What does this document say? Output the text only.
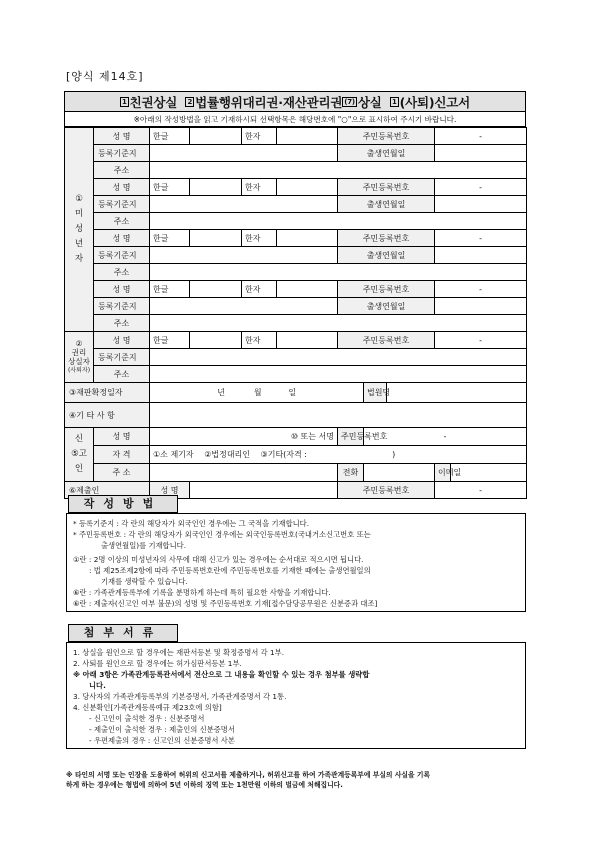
[양식 제14호]
1 친권상실
2 법률행위대리권·재산관리권 (7) 상실
1 (사퇴)신고서
※아래의 작성방법을 읽고 기재하시되 선택항목은 해당번호에 "○"으로 표시하여 주시기 바랍니다.
①
미
성
년
자	성 명	한글		한자		주민등록번호			-	
	등록기준지					출생연월일				
	주소									
	성 명	한글		한자		주민등록번호			-	
	등록기준지					출생연월일				
	주소									
	성 명	한글		한자		주민등록번호			-	
	등록기준지					출생연월일				
	주소									
	성 명	한글		한자		주민등록번호			-	
	등록기준지					출생연월일				
	주소									

②
권리
상실자
(사퇴자)	성 명	한글		한자		주민등록번호			-	
	등록기준지									
	주소									
③재판확정일자		년 월 일					법원명			
④기 타 사 항										

신
⑤고
인	성 명	⑩ 또는 서명				주민등록번호	-			
	자 격	①소 제기자 ②법정대리인 ③기타(자격 : )								
	주 소					전화			이메일	
⑥제출인		성 명				주민등록번호			-	
작성방법
* 등록기준지 : 각 란의 해당자가 외국인인 경우에는 그 국적을 기재합니다.
* 주민등록번호 : 각 란의 해당자가 외국인인 경우에는 외국인등록번호(국내거소신고번호 또는
출생연월일)를 기재합니다.
①란 : 2명 이상의 미성년자의 사무에 대해 신고가 있는 경우에는 순서대로 적으시면 됩니다.
: 법 제25조제2항에 따라 주민등록번호란에 주민등록번호를 기재한 때에는 출생연월일의
기재를 생략할 수 있습니다.
⑥란 : 가족관계등록부에 기록을 분명하게 하는데 특히 필요한 사항을 기재합니다.
⑥란 : 제출자(신고인 여부 불문)의 성명 및 주민등록번호 기재[접수담당공무원은 신분증과 대조]
첨부서류
1. 상실을 원인으로 할 경우에는 재판서등본 및 확정증명서 각 1부.
2. 사퇴를 원인으로 할 경우에는 허가심판서등본 1부.
※ 아래 3항은 가족관계등록관서에서 전산으로 그 내용을 확인할 수 있는 경우 첨부를 생략합
니다.
3. 당사자의 가족관계등록부의 기본증명서, 가족관계증명서 각 1통.
4. 신분확인[가족관계등록예규 제23호에 의함]
- 신고인이 출석한 경우 : 신분증명서
- 제출인이 출석한 경우 : 제출인의 신분증명서
- 우편제출의 경우 : 신고인의 신분증명서 사본
※ 타인의 서명 또는 인장을 도용하여 허위의 신고서를 제출하거나, 허위신고를 하여 가족관계등록부에 부실의 사실을 기록
하게 하는 경우에는 형법에 의하여 5년 이하의 징역 또는 1천만원 이하의 벌금에 처해집니다.
